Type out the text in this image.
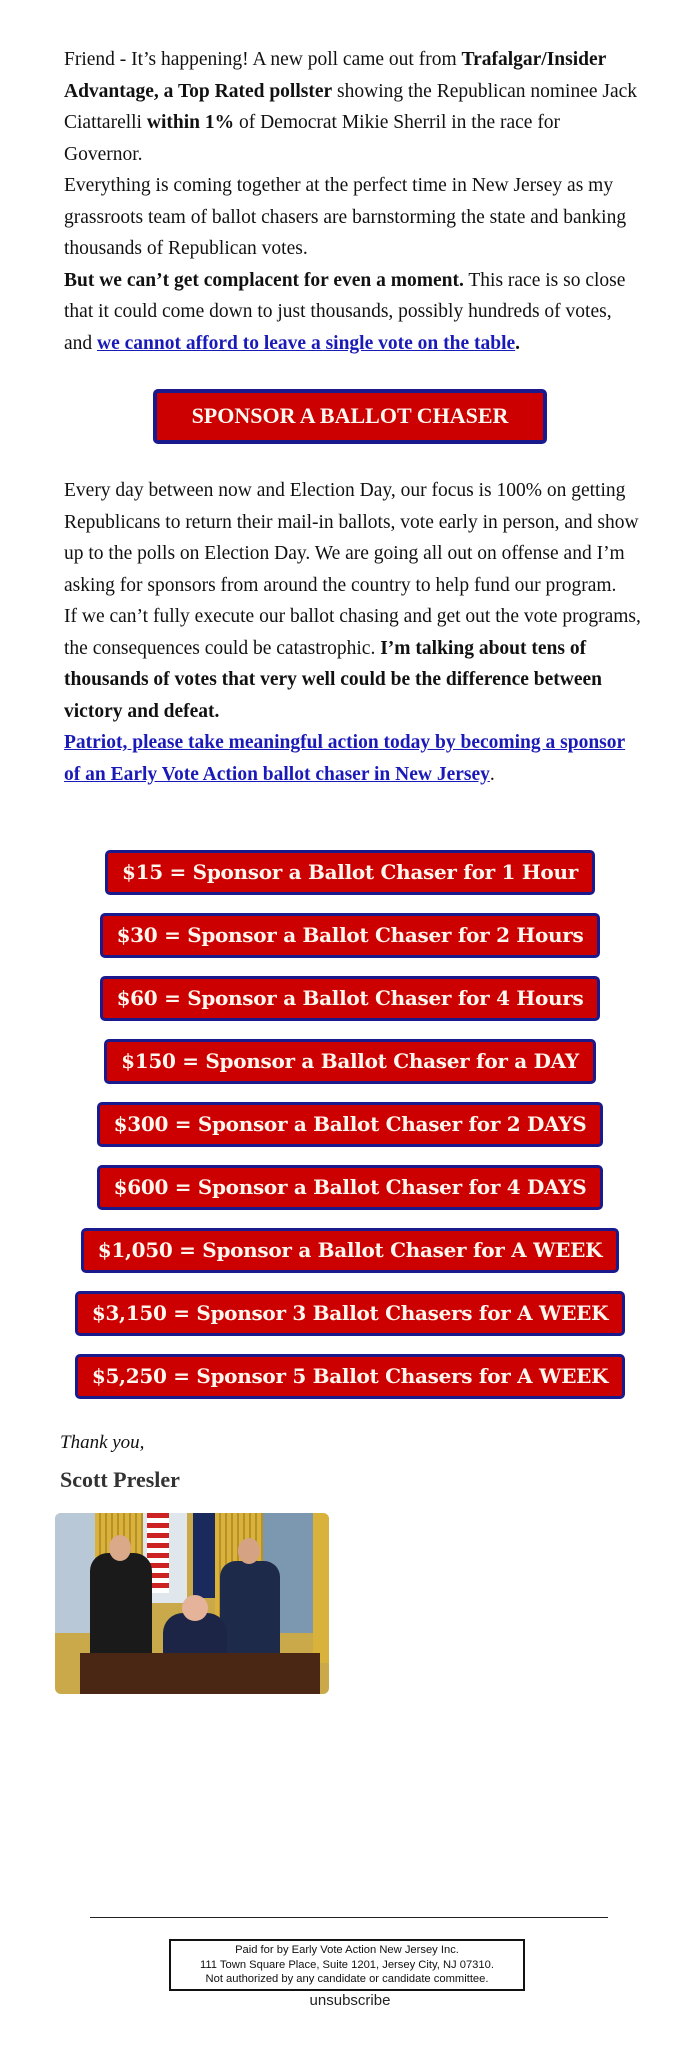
Friend - It’s happening! A new poll came out from Trafalgar/Insider Advantage, a Top Rated pollster showing the Republican nominee Jack Ciattarelli within 1% of Democrat Mikie Sherril in the race for Governor.

Everything is coming together at the perfect time in New Jersey as my grassroots team of ballot chasers are barnstorming the state and banking thousands of Republican votes.

But we can’t get complacent for even a moment. This race is so close that it could come down to just thousands, possibly hundreds of votes, and we cannot afford to leave a single vote on the table.

SPONSOR A BALLOT CHASER

Every day between now and Election Day, our focus is 100% on getting Republicans to return their mail-in ballots, vote early in person, and show up to the polls on Election Day. We are going all out on offense and I’m asking for sponsors from around the country to help fund our program.

If we can’t fully execute our ballot chasing and get out the vote programs, the consequences could be catastrophic. I’m talking about tens of thousands of votes that very well could be the difference between victory and defeat.

Patriot, please take meaningful action today by becoming a sponsor of an Early Vote Action ballot chaser in New Jersey.

$15 = Sponsor a Ballot Chaser for 1 Hour
$30 = Sponsor a Ballot Chaser for 2 Hours
$60 = Sponsor a Ballot Chaser for 4 Hours
$150 = Sponsor a Ballot Chaser for a DAY
$300 = Sponsor a Ballot Chaser for 2 DAYS
$600 = Sponsor a Ballot Chaser for 4 DAYS
$1,050 = Sponsor a Ballot Chaser for A WEEK
$3,150 = Sponsor 3 Ballot Chasers for A WEEK
$5,250 = Sponsor 5 Ballot Chasers for A WEEK

Thank you,

Scott Presler

Paid for by Early Vote Action New Jersey Inc.
111 Town Square Place, Suite 1201, Jersey City, NJ 07310.
Not authorized by any candidate or candidate committee.
unsubscribe
